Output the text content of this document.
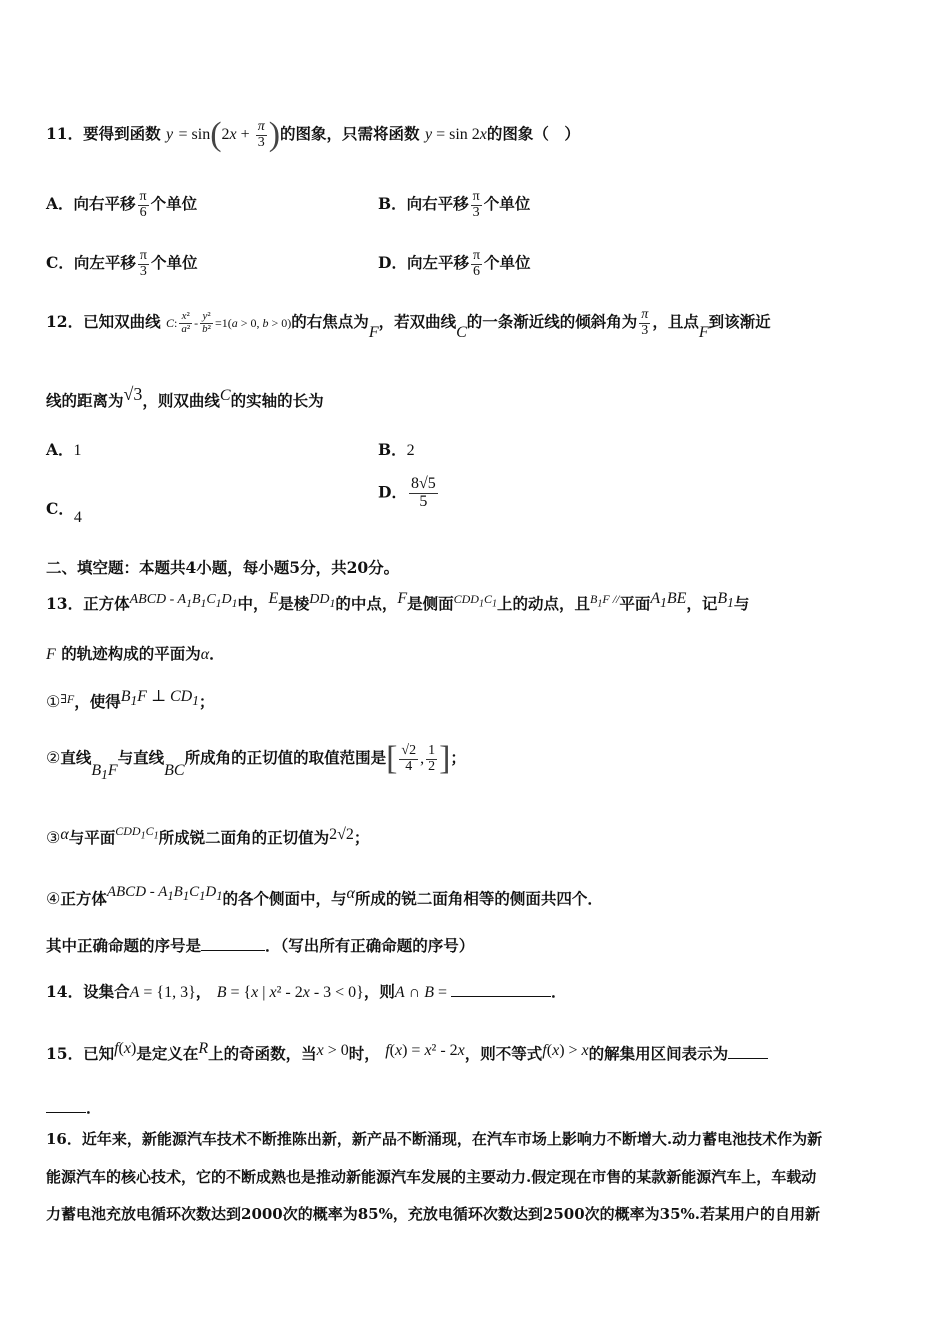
11．要得到函数 $y = \sin(2x + \frac{\pi}{3}$ )的图象，只需将函数 y = sin 2x的图象（　）
A．向右平移 $\frac{\pi}{6}$ 个单位	B．向右平移 $\frac{\pi}{3}$ 个单位
C．向左平移 $\frac{\pi}{3}$ 个单位	D．向左平移 $\frac{\pi}{6}$ 个单位
12．已知双曲线 C: $\frac{\text{x²}}{\text{a²}} - \frac{\text{y²}}{\text{b²}} =1(a > 0$, b > 0)的右焦点为F，若双曲线C的一条渐近线的倾斜角为 $\frac{\pi}{3}$ ，且点F到该渐近
线的距离为√3，则双曲线C的实轴的长为
A．1	B．2
C．4
D． $\frac{8√5}{5}$
二、填空题：本题共4小题，每小题5分，共20分。
13．正方体ABCD - $A_1B_1C_1D_1$中，E是棱$DD_1$的中点，F是侧面$^{CDD_1C_1}$上的动点，且$^{B_1F //}$平面$A_1BE$，记$B_1$与
F 的轨迹构成的平面为α．
①$^{\exists F}$，使得$B_1F$ ⊥ $CD_1$；
②直线$B_1F$与直线BC所成角的正切值的取值范围是[ $\frac{√2}{4}$ , $\frac{1}{2}$ ]；
③α与平面$^{CDD_1C_1}$所成锐二面角的正切值为2√2；
④正方体ABCD - $A_1B_1C_1D_1$的各个侧面中，与α所成的锐二面角相等的侧面共四个．
其中正确命题的序号是	．（写出所有正确命题的序号）
14．设集合A = {1, 3}， B = {x | x² - 2x - 3 < 0}，则A ∩ B =	．
15．已知f(x)是定义在R上的奇函数，当x > 0时， f(x) = x² - 2x，则不等式f(x) > x的解集用区间表示为
．
16．近年来，新能源汽车技术不断推陈出新，新产品不断涌现，在汽车市场上影响力不断增大.动力蓄电池技术作为新
能源汽车的核心技术，它的不断成熟也是推动新能源汽车发展的主要动力.假定现在市售的某款新能源汽车上，车载动
力蓄电池充放电循环次数达到2000次的概率为85%，充放电循环次数达到2500次的概率为35%.若某用户的自用新
